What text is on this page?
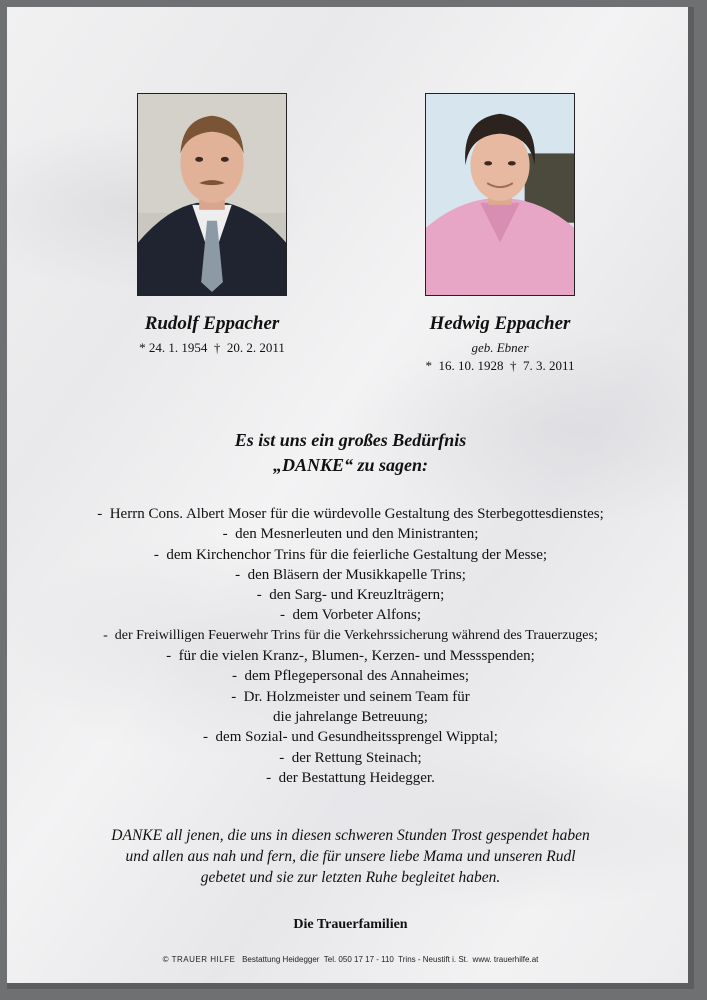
Rudolf Eppacher
* 24. 1. 1954  †  20. 2. 2011
Hedwig Eppacher
geb. Ebner
*  16. 10. 1928  †  7. 3. 2011
Es ist uns ein großes Bedürfnis
„DANKE“ zu sagen:
-  Herrn Cons. Albert Moser für die würdevolle Gestaltung des Sterbegottesdienstes;
-  den Mesnerleuten und den Ministranten;
-  dem Kirchenchor Trins für die feierliche Gestaltung der Messe;
-  den Bläsern der Musikkapelle Trins;
-  den Sarg- und Kreuzlträgern;
-  dem Vorbeter Alfons;
-  der Freiwilligen Feuerwehr Trins für die Verkehrssicherung während des Trauerzuges;
-  für die vielen Kranz-, Blumen-, Kerzen- und Messspenden;
-  dem Pflegepersonal des Annaheimes;
-  Dr. Holzmeister und seinem Team für
die jahrelange Betreuung;
-  dem Sozial- und Gesundheitssprengel Wipptal;
-  der Rettung Steinach;
-  der Bestattung Heidegger.
DANKE all jenen, die uns in diesen schweren Stunden Trost gespendet haben
und allen aus nah und fern, die für unsere liebe Mama und unseren Rudl
gebetet und sie zur letzten Ruhe begleitet haben.
Die Trauerfamilien
© TRAUER HILFE Bestattung Heidegger  Tel. 050 17 17 - 110  Trins - Neustift i. St.  www. trauerhilfe.at
